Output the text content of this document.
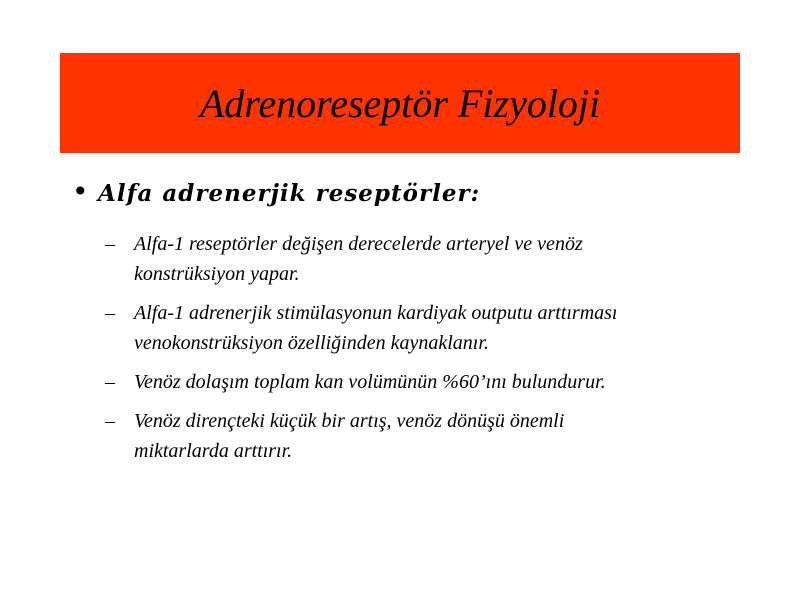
Adrenoreseptör Fizyoloji
• Alfa adrenerjik reseptörler:
– Alfa-1 reseptörler değişen derecelerde arteryel ve venöz
konstrüksiyon yapar.
– Alfa-1 adrenerjik stimülasyonun kardiyak outputu arttırması
venokonstrüksiyon özelliğinden kaynaklanır.
– Venöz dolaşım toplam kan volümünün %60’ını bulundurur.
– Venöz dirençteki küçük bir artış, venöz dönüşü önemli
miktarlarda arttırır.
